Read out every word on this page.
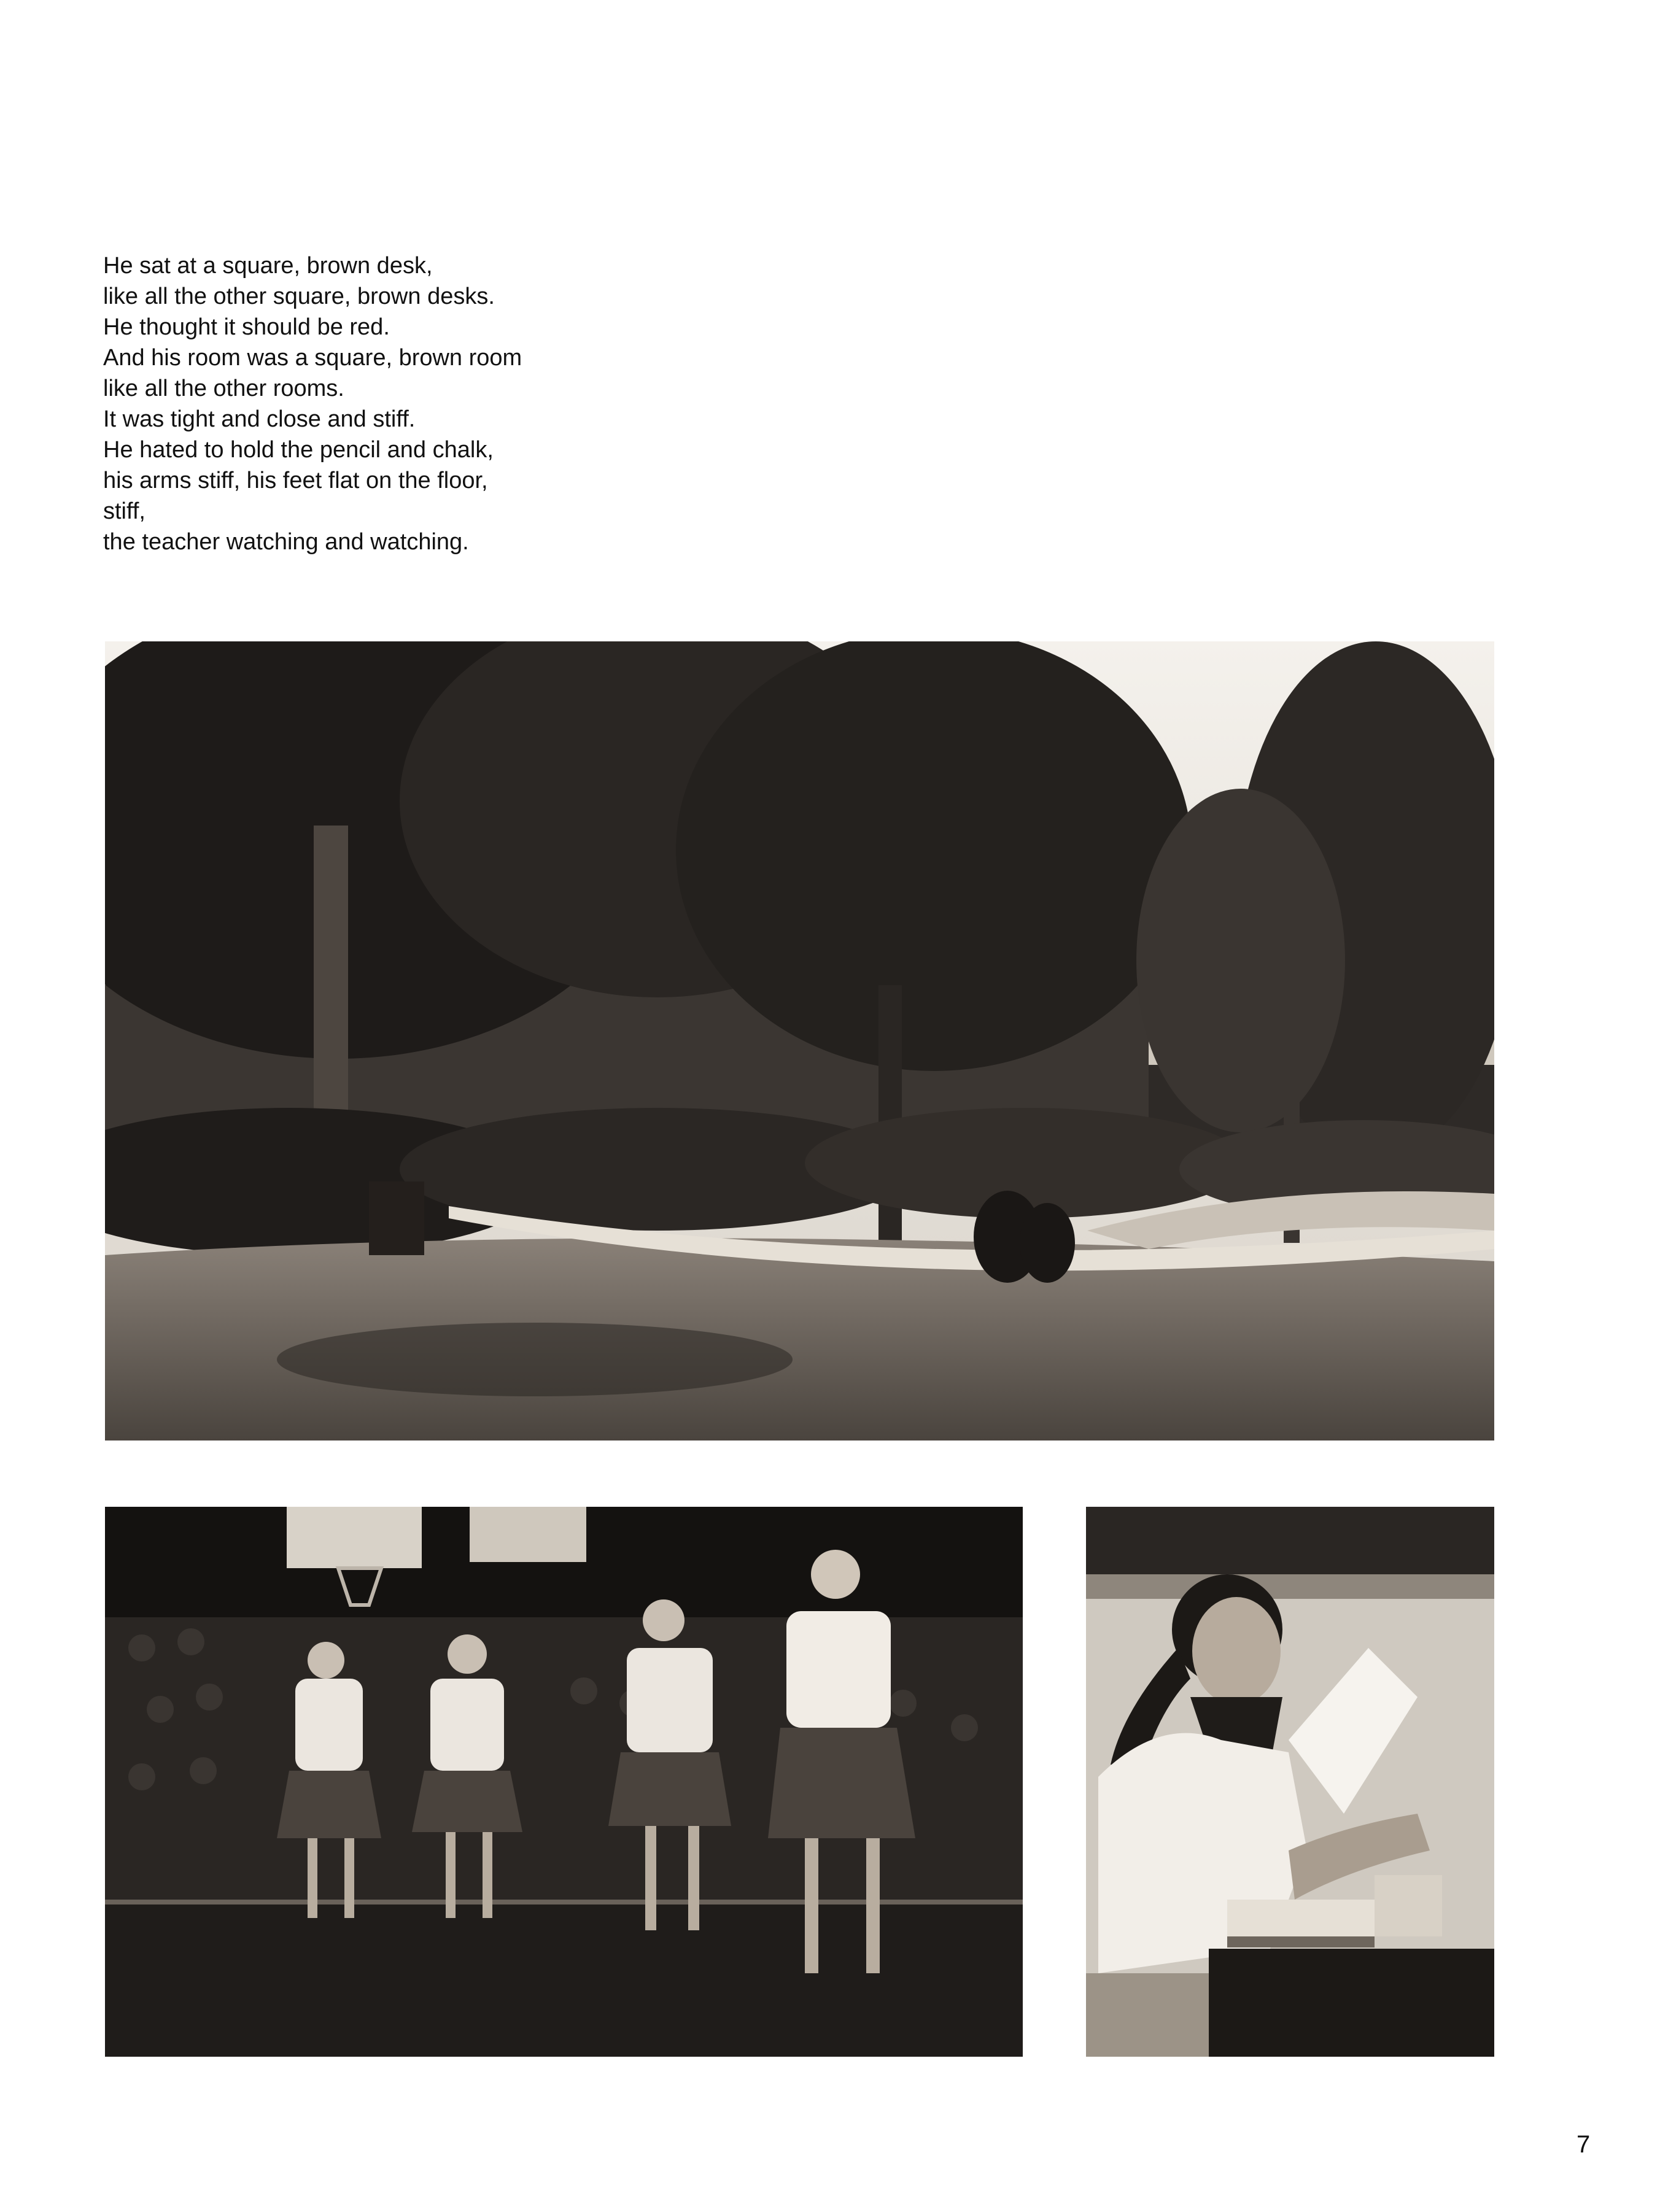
He sat at a square, brown desk,
like all the other square, brown desks.
He thought it should be red.
And his room was a square, brown room
like all the other rooms.
It was tight and close and stiff.
He hated to hold the pencil and chalk,
his arms stiff, his feet flat on the floor,
stiff,
the teacher watching and watching.
7
